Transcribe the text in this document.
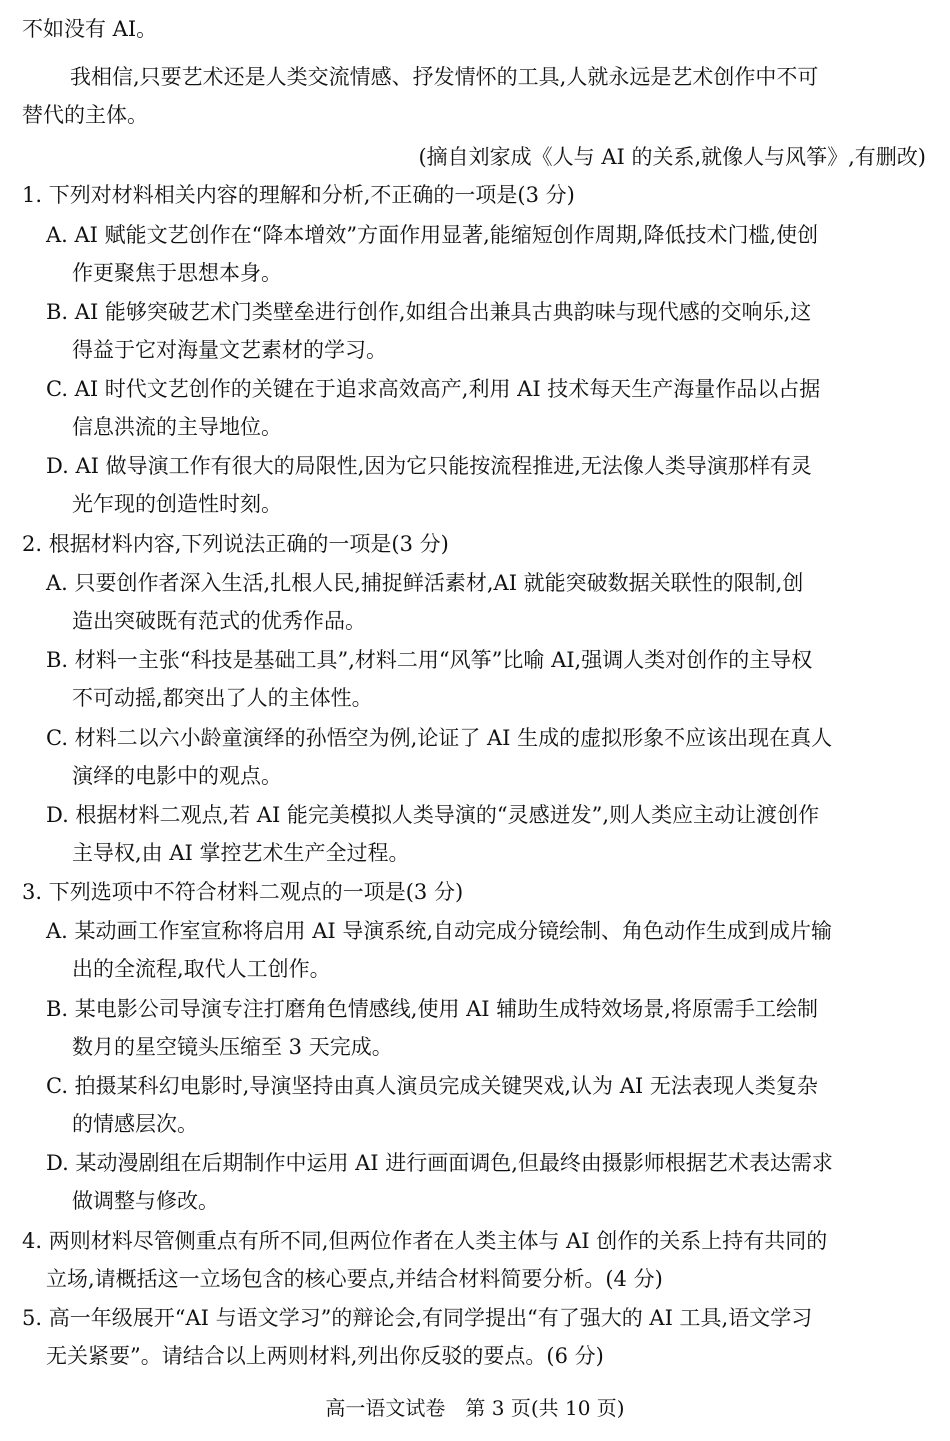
不如没有 AI。
我相信,只要艺术还是人类交流情感、抒发情怀的工具,人就永远是艺术创作中不可
替代的主体。
(摘自刘家成《人与 AI 的关系,就像人与风筝》,有删改)
1. 下列对材料相关内容的理解和分析,不正确的一项是(3 分)
A. AI 赋能文艺创作在“降本增效”方面作用显著,能缩短创作周期,降低技术门槛,使创
作更聚焦于思想本身。
B. AI 能够突破艺术门类壁垒进行创作,如组合出兼具古典韵味与现代感的交响乐,这
得益于它对海量文艺素材的学习。
C. AI 时代文艺创作的关键在于追求高效高产,利用 AI 技术每天生产海量作品以占据
信息洪流的主导地位。
D. AI 做导演工作有很大的局限性,因为它只能按流程推进,无法像人类导演那样有灵
光乍现的创造性时刻。
2. 根据材料内容,下列说法正确的一项是(3 分)
A. 只要创作者深入生活,扎根人民,捕捉鲜活素材,AI 就能突破数据关联性的限制,创
造出突破既有范式的优秀作品。
B. 材料一主张“科技是基础工具”,材料二用“风筝”比喻 AI,强调人类对创作的主导权
不可动摇,都突出了人的主体性。
C. 材料二以六小龄童演绎的孙悟空为例,论证了 AI 生成的虚拟形象不应该出现在真人
演绎的电影中的观点。
D. 根据材料二观点,若 AI 能完美模拟人类导演的“灵感迸发”,则人类应主动让渡创作
主导权,由 AI 掌控艺术生产全过程。
3. 下列选项中不符合材料二观点的一项是(3 分)
A. 某动画工作室宣称将启用 AI 导演系统,自动完成分镜绘制、角色动作生成到成片输
出的全流程,取代人工创作。
B. 某电影公司导演专注打磨角色情感线,使用 AI 辅助生成特效场景,将原需手工绘制
数月的星空镜头压缩至 3 天完成。
C. 拍摄某科幻电影时,导演坚持由真人演员完成关键哭戏,认为 AI 无法表现人类复杂
的情感层次。
D. 某动漫剧组在后期制作中运用 AI 进行画面调色,但最终由摄影师根据艺术表达需求
做调整与修改。
4. 两则材料尽管侧重点有所不同,但两位作者在人类主体与 AI 创作的关系上持有共同的
立场,请概括这一立场包含的核心要点,并结合材料简要分析。(4 分)
5. 高一年级展开“AI 与语文学习”的辩论会,有同学提出“有了强大的 AI 工具,语文学习
无关紧要”。请结合以上两则材料,列出你反驳的要点。(6 分)
高一语文试卷　第 3 页(共 10 页)
